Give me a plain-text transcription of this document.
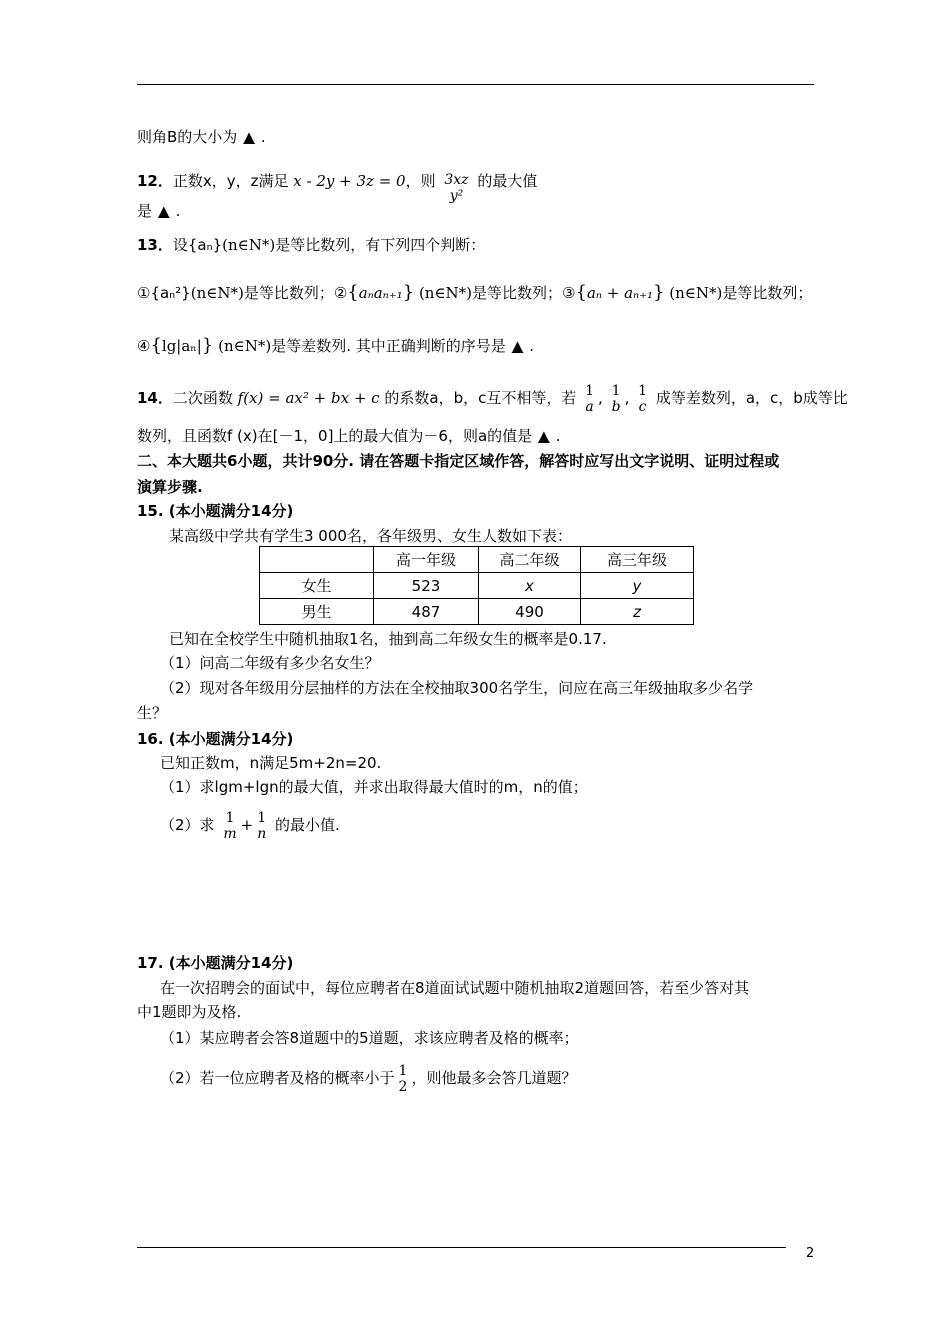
则角B的大小为 ▲ .
12．正数x，y，z满足 x - 2y + 3z = 0，则 3xz
y²
的最大值
是 ▲ .
13．设{aₙ}(n∈N*)是等比数列，有下列四个判断：
①{aₙ²}(n∈N*)是等比数列；②{aₙaₙ₊₁} (n∈N*)是等比数列；③{aₙ + aₙ₊₁} (n∈N*)是等比数列；
④{lg|aₙ|} (n∈N*)是等差数列. 其中正确判断的序号是 ▲ .
14．二次函数 f(x) = ax² + bx + c 的系数a，b，c互不相等，若 1
a , 1
b , 1
c 成等差数列，a，c，b成等比
数列，且函数f (x)在[－1，0]上的最大值为－6，则a的值是 ▲ .
二、本大题共6小题，共计90分. 请在答题卡指定区域作答，解答时应写出文字说明、证明过程或
演算步骤.
15. (本小题满分14分)
某高级中学共有学生3 000名，各年级男、女生人数如下表：
	高一年级	高二年级	高三年级
女生	523	x	y
男生	487	490	z
已知在全校学生中随机抽取1名，抽到高二年级女生的概率是0.17.
（1）问高二年级有多少名女生？
（2）现对各年级用分层抽样的方法在全校抽取300名学生，问应在高三年级抽取多少名学
生？
16. (本小题满分14分)
已知正数m，n满足5m+2n=20.
（1）求lgm+lgn的最大值，并求出取得最大值时的m，n的值；
（2）求 1
m + 1
n 的最小值.
17. (本小题满分14分)
在一次招聘会的面试中，每位应聘者在8道面试试题中随机抽取2道题回答，若至少答对其
中1题即为及格.
（1）某应聘者会答8道题中的5道题，求该应聘者及格的概率；
（2）若一位应聘者及格的概率小于 1
2 ，则他最多会答几道题？
2
